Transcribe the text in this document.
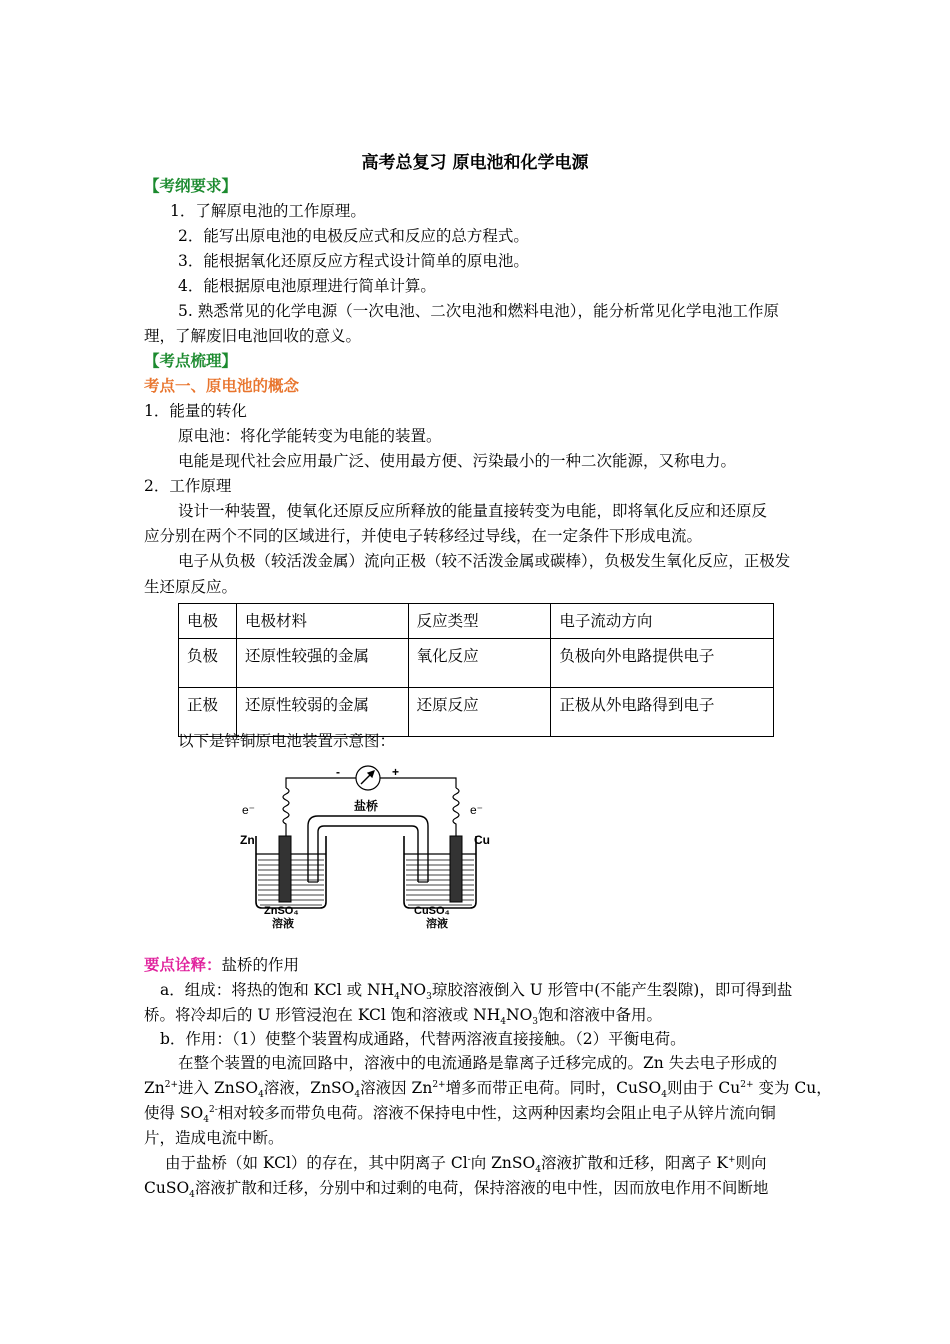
高考总复习 原电池和化学电源
【考纲要求】
1．了解原电池的工作原理。
2．能写出原电池的电极反应式和反应的总方程式。
3．能根据氧化还原反应方程式设计简单的原电池。
4．能根据原电池原理进行简单计算。
5. 熟悉常见的化学电源（一次电池、二次电池和燃料电池），能分析常见化学电池工作原
理，了解废旧电池回收的意义。
【考点梳理】
考点一、原电池的概念
1．能量的转化
原电池：将化学能转变为电能的装置。
电能是现代社会应用最广泛、使用最方便、污染最小的一种二次能源，又称电力。
2．工作原理
设计一种装置，使氧化还原反应所释放的能量直接转变为电能，即将氧化反应和还原反
应分别在两个不同的区域进行，并使电子转移经过导线，在一定条件下形成电流。
电子从负极（较活泼金属）流向正极（较不活泼金属或碳棒），负极发生氧化反应，正极发
生还原反应。
电极	电极材料	反应类型	电子流动方向
负极	还原性较强的金属	氧化反应	负极向外电路提供电子
正极	还原性较弱的金属	还原反应	正极从外电路得到电子
以下是锌铜原电池装置示意图：
-	+
盐桥
e⁻	e⁻
Zn	Cu
ZnSO₄
溶液
CuSO₄
溶液
要点诠释：盐桥的作用
a．组成：将热的饱和 KCl 或 $NH_4NO_3$琼胶溶液倒入 U 形管中(不能产生裂隙)，即可得到盐
桥。将冷却后的 U 形管浸泡在 KCl 饱和溶液或 $NH_4NO_3$饱和溶液中备用。
b．作用：（1）使整个装置构成通路，代替两溶液直接接触。（2）平衡电荷。
在整个装置的电流回路中，溶液中的电流通路是靠离子迁移完成的。Zn 失去电子形成的
$Zn^{2+}$进入 ZnSO$_4$溶液，ZnSO$_4$溶液因 $Zn^{2+}$增多而带正电荷。同时，CuSO$_4$则由于 $Cu^{2+}$ 变为 Cu，
使得 $SO_4^{2-}$相对较多而带负电荷。溶液不保持电中性，这两种因素均会阻止电子从锌片流向铜
片，造成电流中断。
由于盐桥（如 KCl）的存在，其中阴离子 Cl-向 ZnSO$_4$溶液扩散和迁移，阳离子 K+则向
CuSO$_4$溶液扩散和迁移，分别中和过剩的电荷，保持溶液的电中性，因而放电作用不间断地
